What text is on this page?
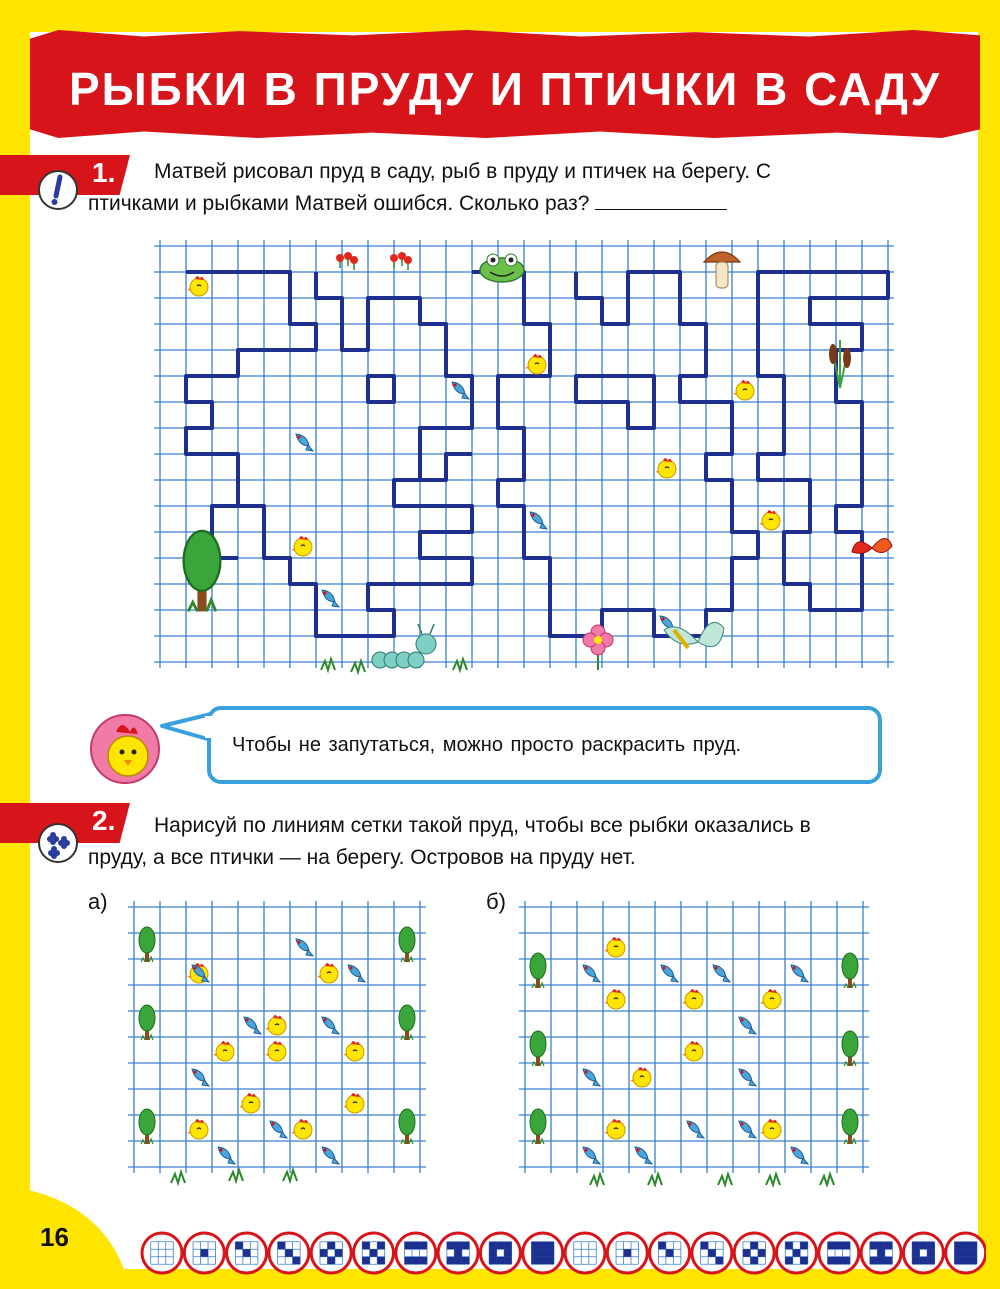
РЫБКИ В ПРУДУ И ПТИЧКИ В САДУ
1.	Матвей рисовал пруд в саду, рыб в пруду и птичек на берегу. С
птичками и рыбками Матвей ошибся. Сколько раз?
Чтобы не запутаться, можно просто раскрасить пруд.
2.	Нарисуй по линиям сетки такой пруд, чтобы все рыбки оказались в
пруду, а все птички — на берегу. Островов на пруду нет.
а)	б)
16
